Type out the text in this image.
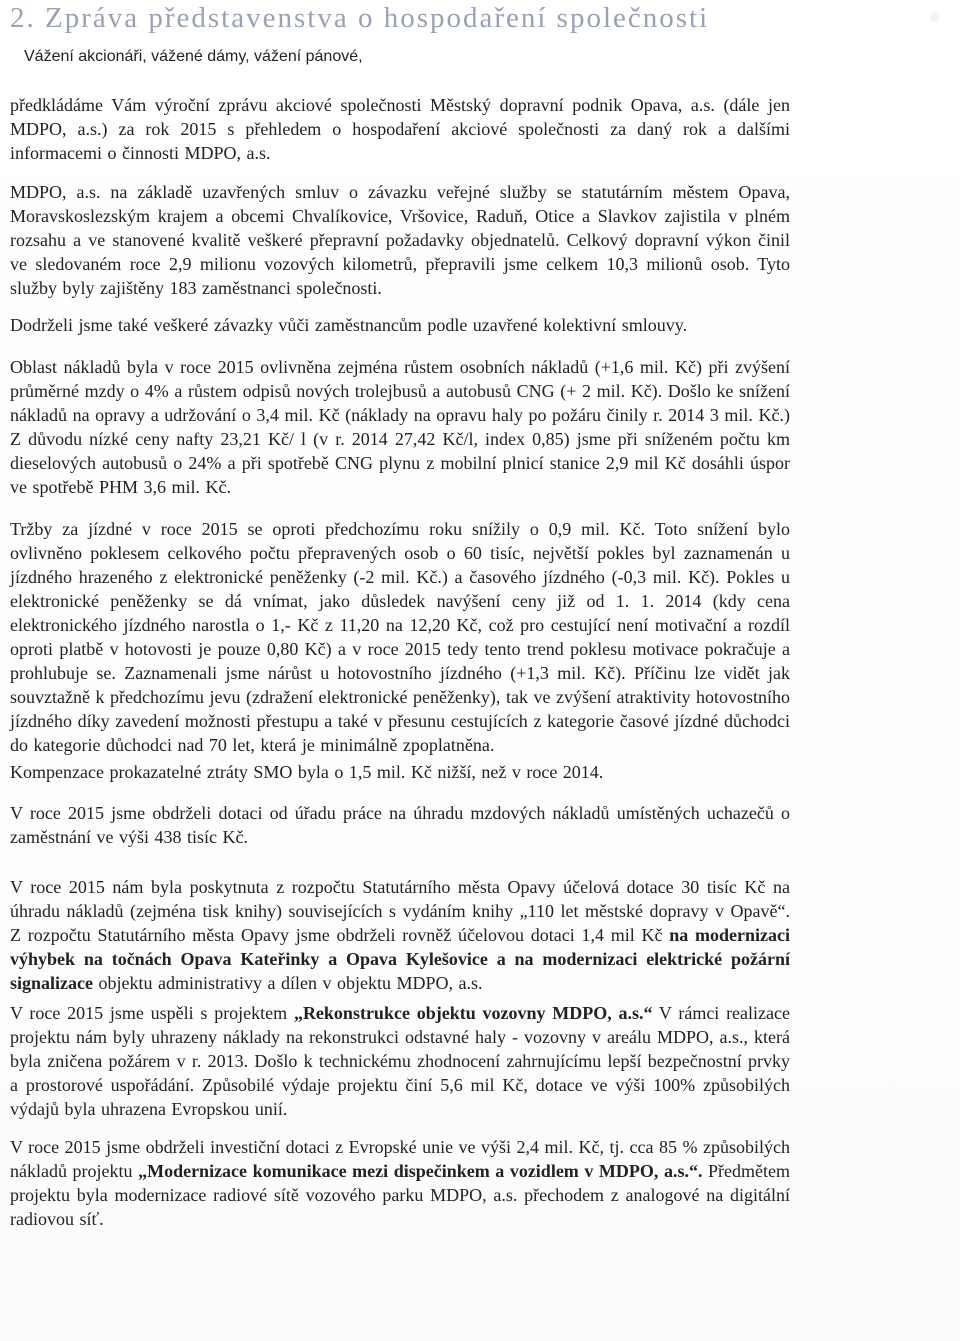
2. Zpráva představenstva o hospodaření společnosti

Vážení akcionáři, vážené dámy, vážení pánové,

předkládáme Vám výroční zprávu akciové společnosti Městský dopravní podnik Opava, a.s. (dále jen MDPO, a.s.) za rok 2015 s přehledem o hospodaření akciové společnosti za daný rok a dalšími informacemi o činnosti MDPO, a.s.

MDPO, a.s. na základě uzavřených smluv o závazku veřejné služby se statutárním městem Opava, Moravskoslezským krajem a obcemi Chvalíkovice, Vršovice, Raduň, Otice a Slavkov zajistila v plném rozsahu a ve stanovené kvalitě veškeré přepravní požadavky objednatelů. Celkový dopravní výkon činil ve sledovaném roce 2,9 milionu vozových kilometrů, přepravili jsme celkem 10,3 milionů osob. Tyto služby byly zajištěny 183 zaměstnanci společnosti.

Dodrželi jsme také veškeré závazky vůči zaměstnancům podle uzavřené kolektivní smlouvy.

Oblast nákladů byla v roce 2015 ovlivněna zejména růstem osobních nákladů (+1,6 mil. Kč) při zvýšení průměrné mzdy o 4% a růstem odpisů nových trolejbusů a autobusů CNG (+ 2 mil. Kč). Došlo ke snížení nákladů na opravy a udržování o 3,4 mil. Kč (náklady na opravu haly po požáru činily r. 2014 3 mil. Kč.) Z důvodu nízké ceny nafty 23,21 Kč/ l (v r. 2014 27,42 Kč/l, index 0,85) jsme při sníženém počtu km dieselových autobusů o 24% a při spotřebě CNG plynu z mobilní plnicí stanice 2,9 mil Kč dosáhli úspor ve spotřebě PHM 3,6 mil. Kč.

Tržby za jízdné v roce 2015 se oproti předchozímu roku snížily o 0,9 mil. Kč. Toto snížení bylo ovlivněno poklesem celkového počtu přepravených osob o 60 tisíc, největší pokles byl zaznamenán u jízdného hrazeného z elektronické peněženky (-2 mil. Kč.) a časového jízdného (-0,3 mil. Kč). Pokles u elektronické peněženky se dá vnímat, jako důsledek navýšení ceny již od 1. 1. 2014 (kdy cena elektronického jízdného narostla o 1,- Kč z 11,20 na 12,20 Kč, což pro cestující není motivační a rozdíl oproti platbě v hotovosti je pouze 0,80 Kč) a v roce 2015 tedy tento trend poklesu motivace pokračuje a prohlubuje se. Zaznamenali jsme nárůst u hotovostního jízdného (+1,3 mil. Kč). Příčinu lze vidět jak souvztažně k předchozímu jevu (zdražení elektronické peněženky), tak ve zvýšení atraktivity hotovostního jízdného díky zavedení možnosti přestupu a také v přesunu cestujících z kategorie časové jízdné důchodci do kategorie důchodci nad 70 let, která je minimálně zpoplatněna.

Kompenzace prokazatelné ztráty SMO byla o 1,5 mil. Kč nižší, než v roce 2014.

V roce 2015 jsme obdrželi dotaci od úřadu práce na úhradu mzdových nákladů umístěných uchazečů o zaměstnání ve výši 438 tisíc Kč.

V roce 2015 nám byla poskytnuta z rozpočtu Statutárního města Opavy účelová dotace 30 tisíc Kč na úhradu nákladů (zejména tisk knihy) souvisejících s vydáním knihy „110 let městské dopravy v Opavě“. Z rozpočtu Statutárního města Opavy jsme obdrželi rovněž účelovou dotaci 1,4 mil Kč na modernizaci výhybek na točnách Opava Kateřinky a Opava Kylešovice a na modernizaci elektrické požární signalizace objektu administrativy a dílen v objektu MDPO, a.s.

V roce 2015 jsme uspěli s projektem „Rekonstrukce objektu vozovny MDPO, a.s.“ V rámci realizace projektu nám byly uhrazeny náklady na rekonstrukci odstavné haly - vozovny v areálu MDPO, a.s., která byla zničena požárem v r. 2013. Došlo k technickému zhodnocení zahrnujícímu lepší bezpečnostní prvky a prostorové uspořádání. Způsobilé výdaje projektu činí 5,6 mil Kč, dotace ve výši 100% způsobilých výdajů byla uhrazena Evropskou unií.

V roce 2015 jsme obdrželi investiční dotaci z Evropské unie ve výši 2,4 mil. Kč, tj. cca 85 % způsobilých nákladů projektu „Modernizace komunikace mezi dispečinkem a vozidlem v MDPO, a.s.“. Předmětem projektu byla modernizace radiové sítě vozového parku MDPO, a.s. přechodem z analogové na digitální radiovou síť.
